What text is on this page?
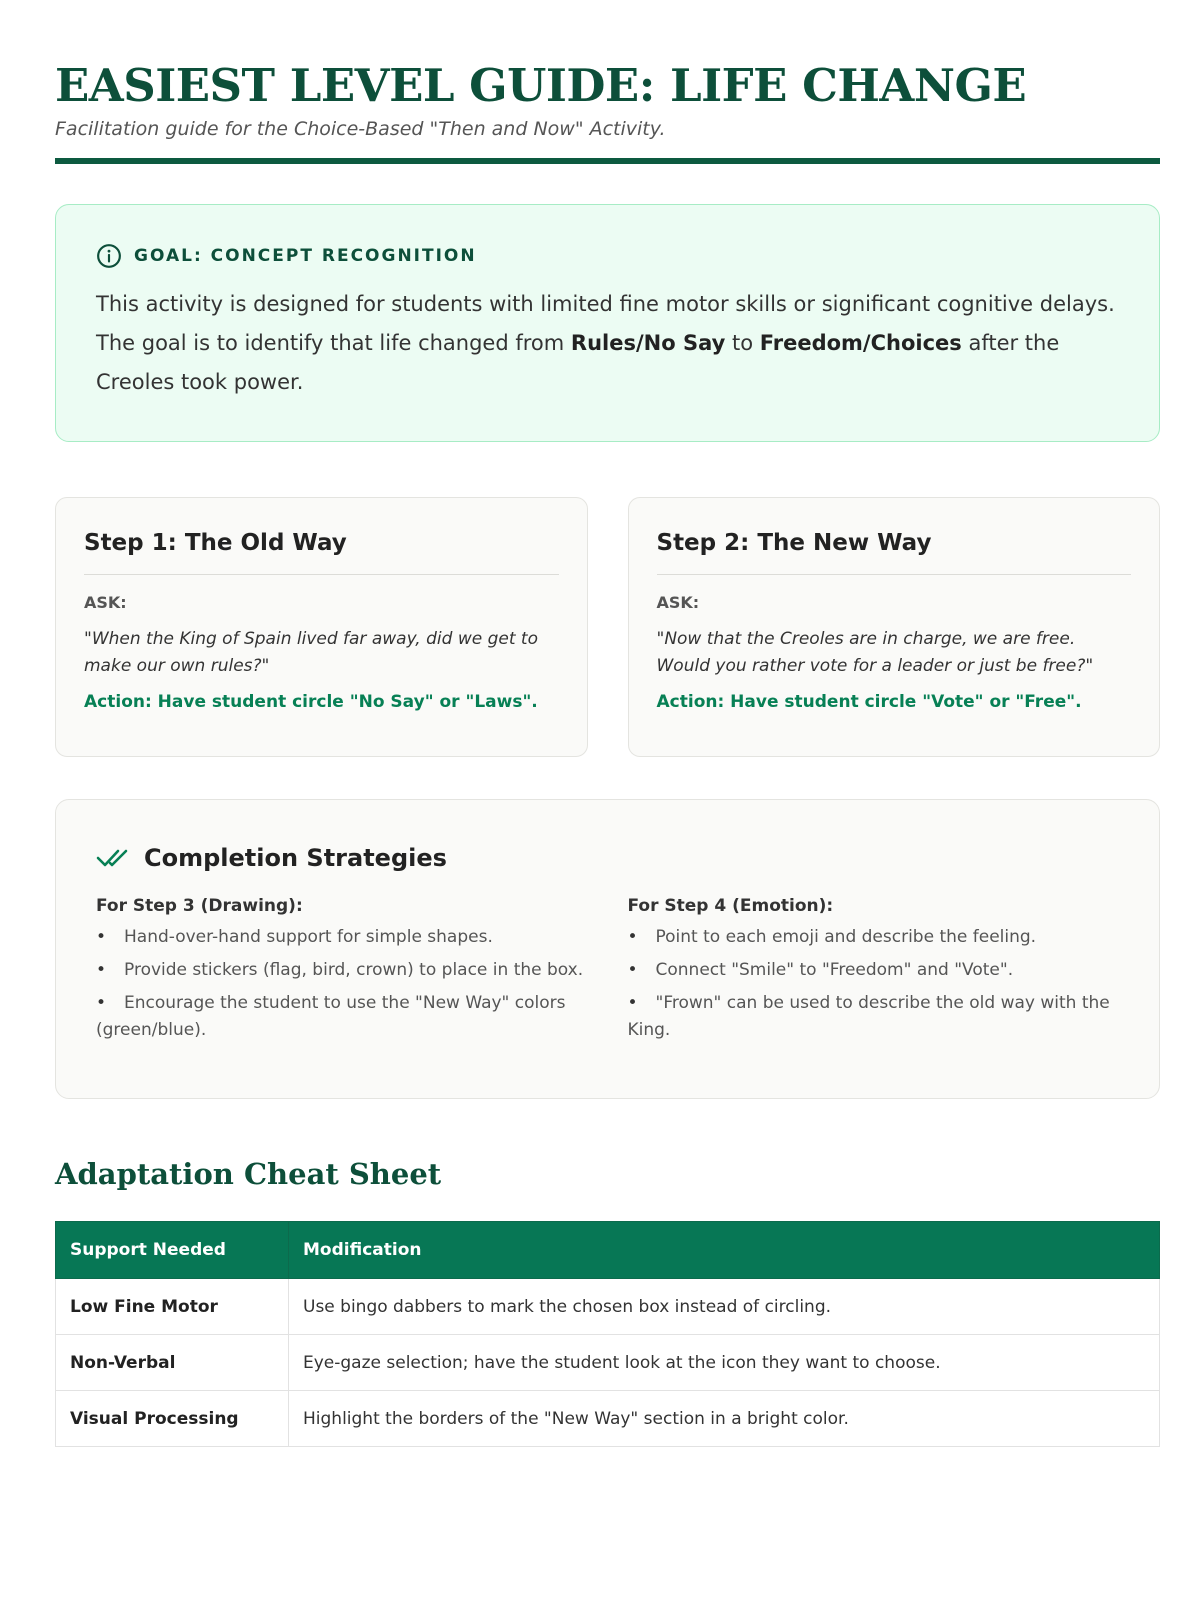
EASIEST LEVEL GUIDE: LIFE CHANGE
Facilitation guide for the Choice-Based "Then and Now" Activity.
GOAL: CONCEPT RECOGNITION
This activity is designed for students with limited fine motor skills or significant cognitive delays. The goal is to identify that life changed from Rules/No Say to Freedom/Choices after the Creoles took power.
Step 1: The Old Way
ASK:
"When the King of Spain lived far away, did we get to make our own rules?"
Action: Have student circle "No Say" or "Laws".
Step 2: The New Way
ASK:
"Now that the Creoles are in charge, we are free. Would you rather vote for a leader or just be free?"
Action: Have student circle "Vote" or "Free".
Completion Strategies
For Step 3 (Drawing):
• Hand-over-hand support for simple shapes.
• Provide stickers (flag, bird, crown) to place in the box.
• Encourage the student to use the "New Way" colors (green/blue).
For Step 4 (Emotion):
• Point to each emoji and describe the feeling.
• Connect "Smile" to "Freedom" and "Vote".
• "Frown" can be used to describe the old way with the King.
Adaptation Cheat Sheet
Support Needed	Modification
Low Fine Motor	Use bingo dabbers to mark the chosen box instead of circling.
Non-Verbal	Eye-gaze selection; have the student look at the icon they want to choose.
Visual Processing	Highlight the borders of the "New Way" section in a bright color.
